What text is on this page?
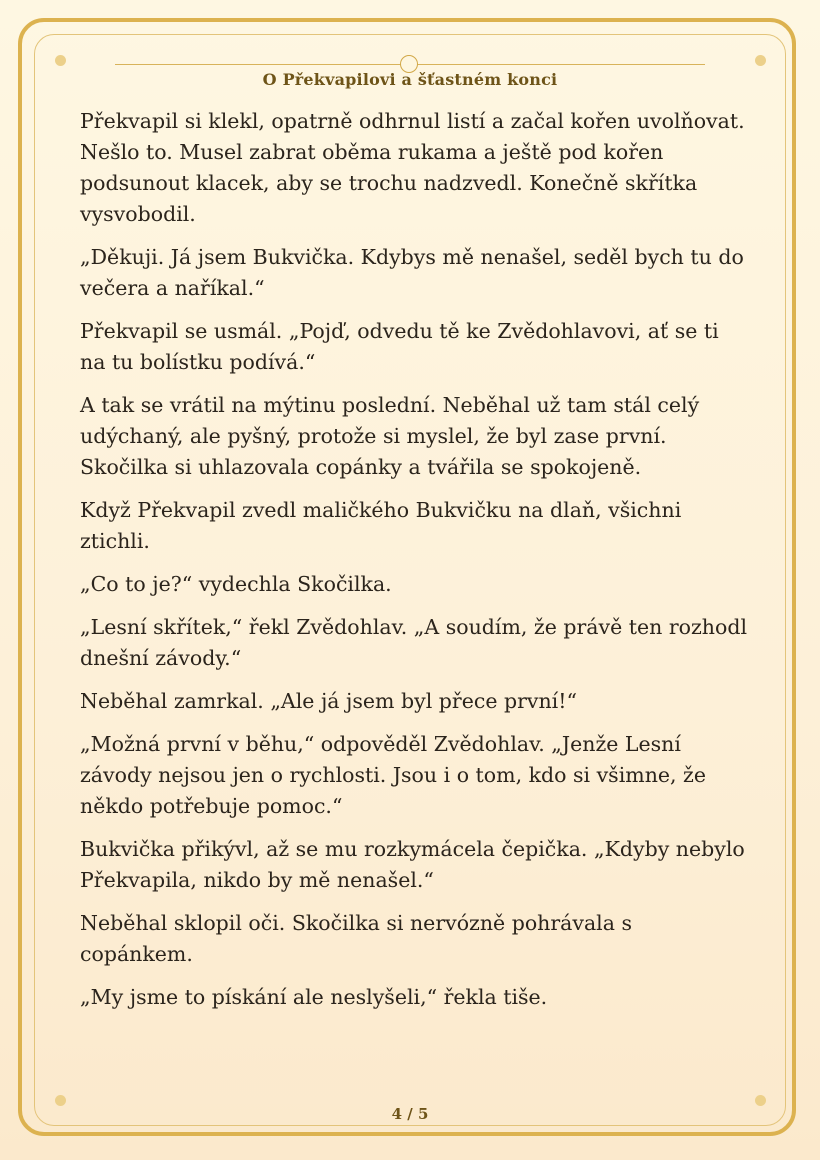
O Překvapilovi a šťastném konci

Překvapil si klekl, opatrně odhrnul listí a začal kořen uvolňovat. Nešlo to. Musel zabrat oběma rukama a ještě pod kořen podsunout klacek, aby se trochu nadzvedl. Konečně skřítka vysvobodil.

„Děkuji. Já jsem Bukvička. Kdybys mě nenašel, seděl bych tu do večera a naříkal.“

Překvapil se usmál. „Pojď, odvedu tě ke Zvědohlavovi, ať se ti na tu bolístku podívá.“

A tak se vrátil na mýtinu poslední. Neběhal už tam stál celý udýchaný, ale pyšný, protože si myslel, že byl zase první. Skočilka si uhlazovala copánky a tvářila se spokojeně.

Když Překvapil zvedl maličkého Bukvičku na dlaň, všichni ztichli.

„Co to je?“ vydechla Skočilka.

„Lesní skřítek,“ řekl Zvědohlav. „A soudím, že právě ten rozhodl dnešní závody.“

Neběhal zamrkal. „Ale já jsem byl přece první!“

„Možná první v běhu,“ odpověděl Zvědohlav. „Jenže Lesní závody nejsou jen o rychlosti. Jsou i o tom, kdo si všimne, že někdo potřebuje pomoc.“

Bukvička přikývl, až se mu rozkymácela čepička. „Kdyby nebylo Překvapila, nikdo by mě nenašel.“

Neběhal sklopil oči. Skočilka si nervózně pohrávala s copánkem.

„My jsme to pískání ale neslyšeli,“ řekla tiše.

4 / 5
